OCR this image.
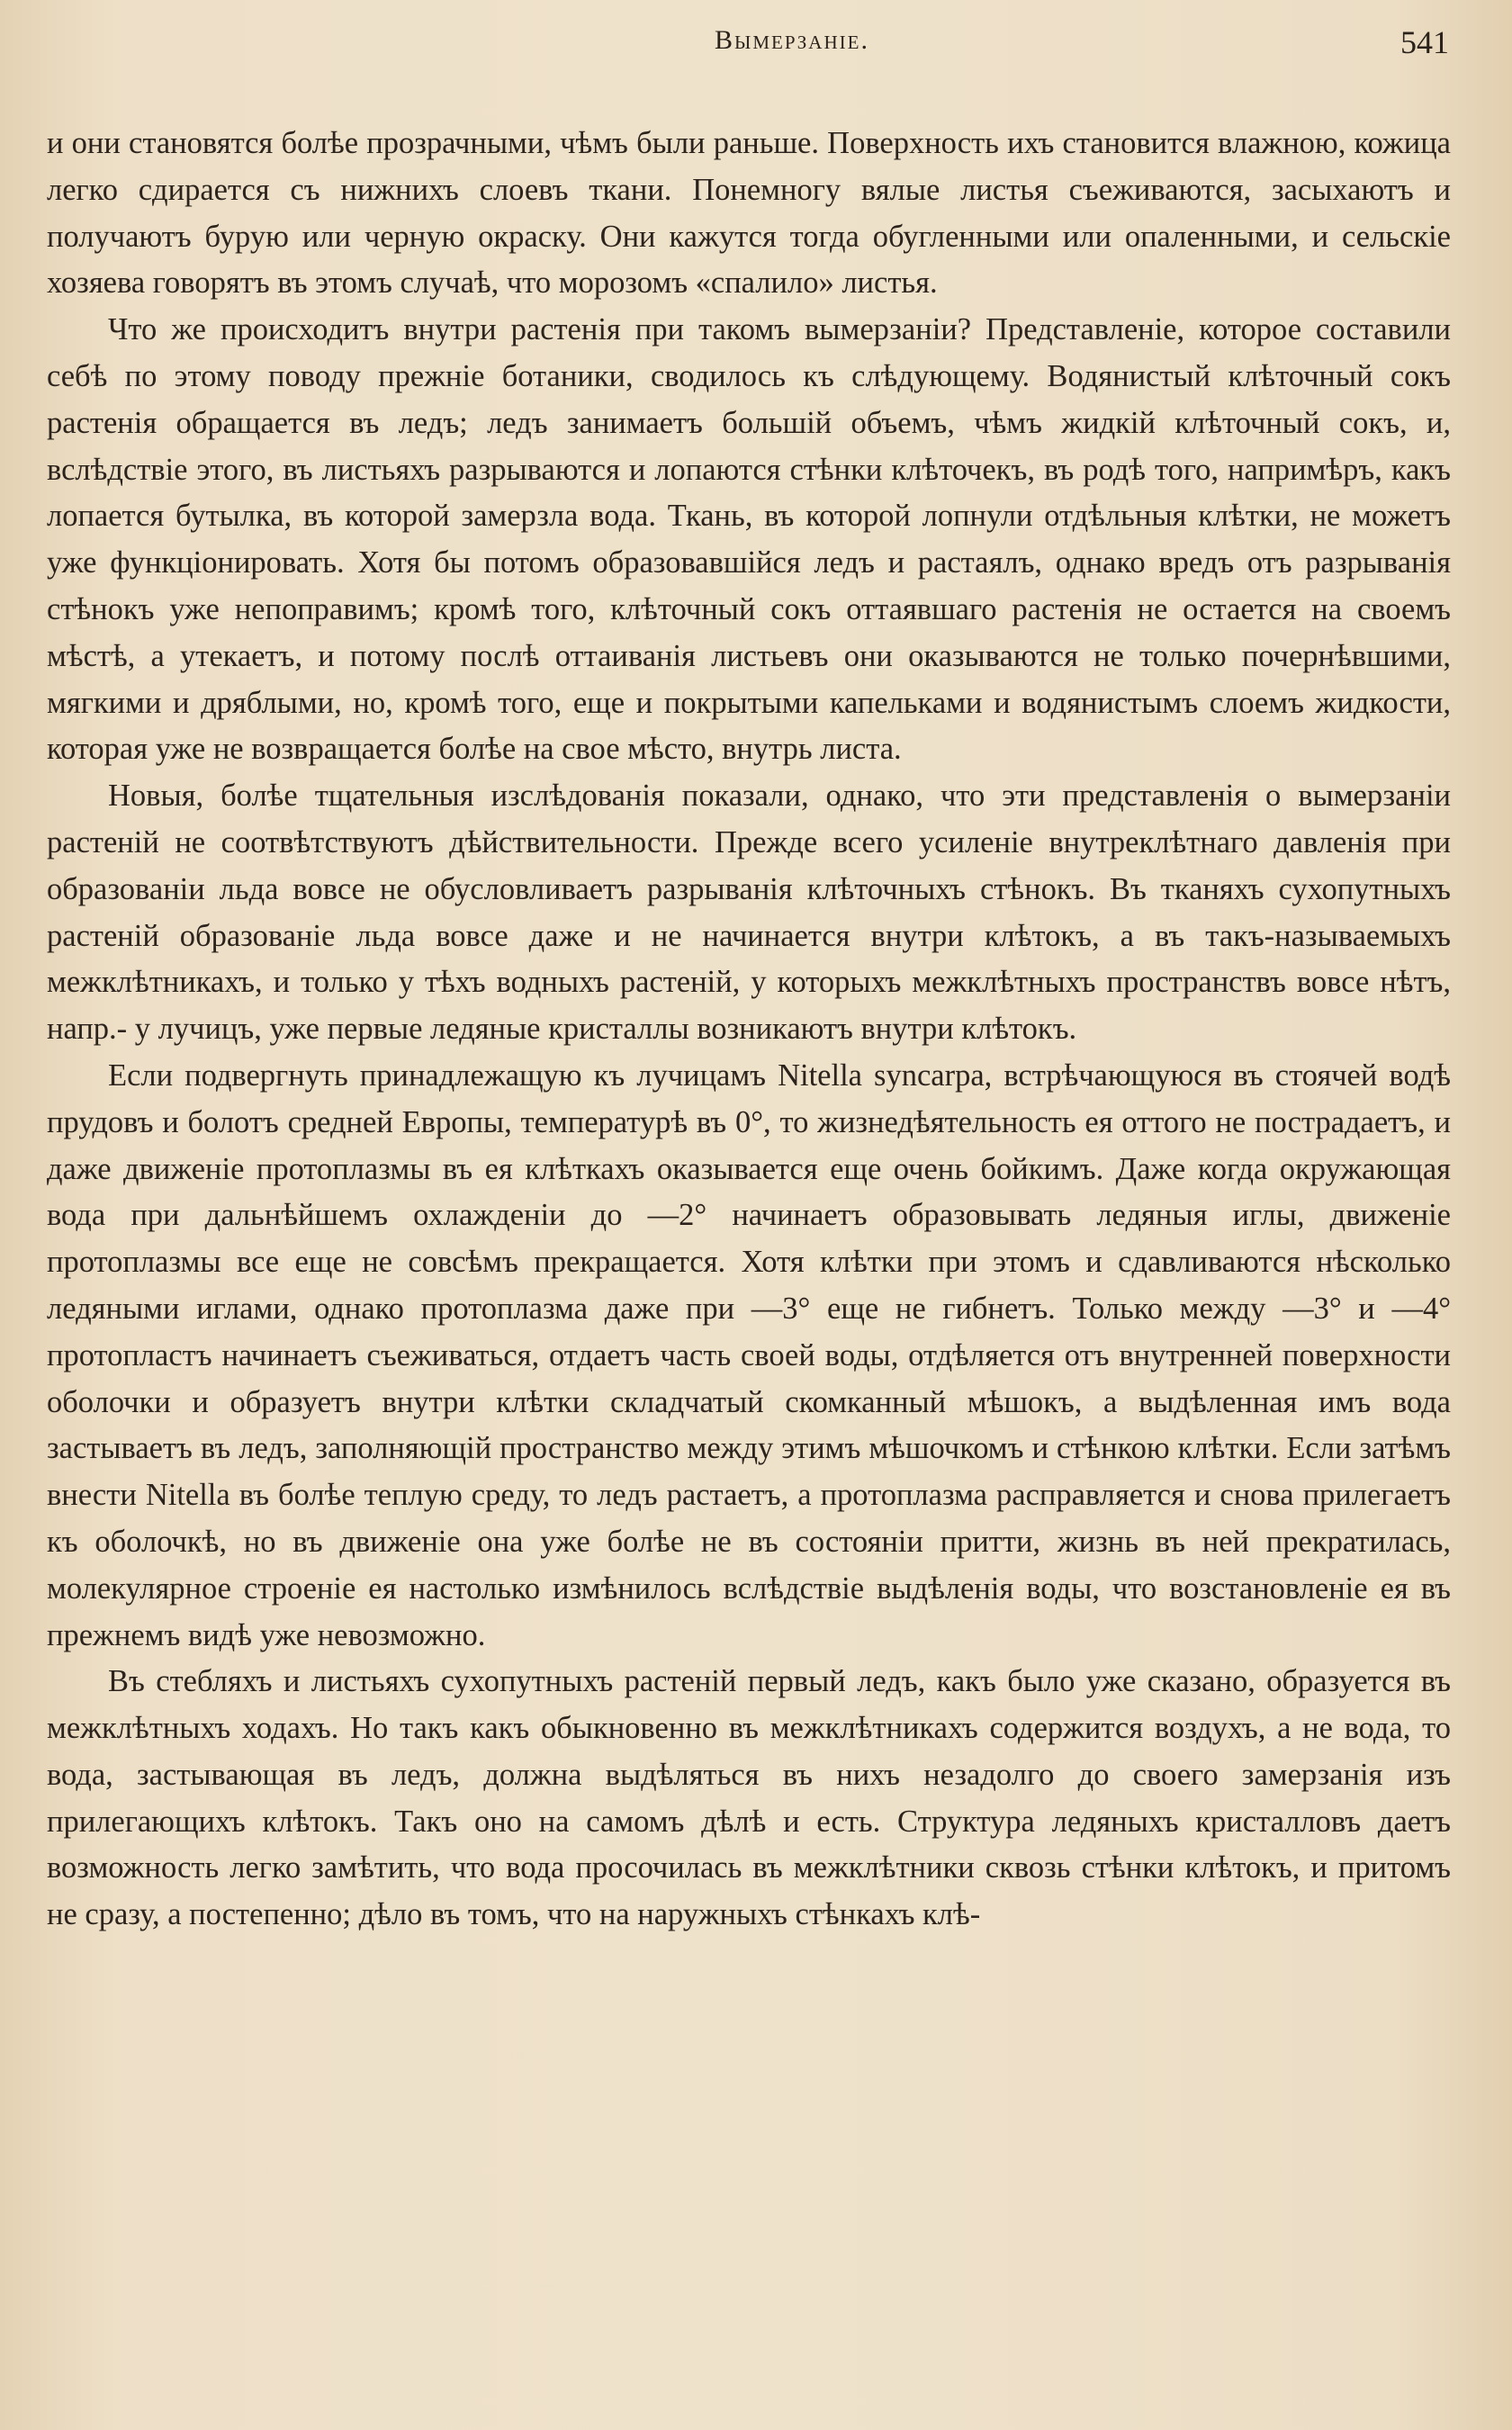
Вымерзаніе.	541

и они становятся болѣе прозрачными, чѣмъ были раньше. Поверхность ихъ становится влажною, кожица легко сдирается съ нижнихъ слоевъ ткани. Понемногу вялые листья съеживаются, засыхаютъ и получаютъ бурую или черную окраску. Они кажутся тогда обугленными или опаленными, и сельскіе хозяева говорятъ въ этомъ случаѣ, что морозомъ «спалило» листья.

Что же происходитъ внутри растенія при такомъ вымерзаніи? Представленіе, которое составили себѣ по этому поводу прежніе ботаники, сводилось къ слѣдующему. Водянистый клѣточный сокъ растенія обращается въ ледъ; ледъ занимаетъ большій объемъ, чѣмъ жидкій клѣточный сокъ, и, вслѣдствіе этого, въ листьяхъ разрываются и лопаются стѣнки клѣточекъ, въ родѣ того, напримѣръ, какъ лопается бутылка, въ которой замерзла вода. Ткань, въ которой лопнули отдѣльныя клѣтки, не можетъ уже функціонировать. Хотя бы потомъ образовавшійся ледъ и растаялъ, однако вредъ отъ разрыванія стѣнокъ уже непоправимъ; кромѣ того, клѣточный сокъ оттаявшаго растенія не остается на своемъ мѣстѣ, а утекаетъ, и потому послѣ оттаиванія листьевъ они оказываются не только почернѣвшими, мягкими и дряблыми, но, кромѣ того, еще и покрытыми капельками и водянистымъ слоемъ жидкости, которая уже не возвращается болѣе на свое мѣсто, внутрь листа.

Новыя, болѣе тщательныя изслѣдованія показали, однако, что эти представленія о вымерзаніи растеній не соотвѣтствуютъ дѣйствительности. Прежде всего усиленіе внутреклѣтнаго давленія при образованіи льда вовсе не обусловливаетъ разрыванія клѣточныхъ стѣнокъ. Въ тканяхъ сухопутныхъ растеній образованіе льда вовсе даже и не начинается внутри клѣтокъ, а въ такъ-называемыхъ межклѣтникахъ, и только у тѣхъ водныхъ растеній, у которыхъ межклѣтныхъ пространствъ вовсе нѣтъ, напр.- у лучицъ, уже первые ледяные кристаллы возникаютъ внутри клѣтокъ.

Если подвергнуть принадлежащую къ лучицамъ Nitella syncarpa, встрѣчающуюся въ стоячей водѣ прудовъ и болотъ средней Европы, температурѣ въ 0°, то жизнедѣятельность ея оттого не пострадаетъ, и даже движеніе протоплазмы въ ея клѣткахъ оказывается еще очень бойкимъ. Даже когда окружающая вода при дальнѣйшемъ охлажденіи до —2° начинаетъ образовывать ледяныя иглы, движеніе протоплазмы все еще не совсѣмъ прекращается. Хотя клѣтки при этомъ и сдавливаются нѣсколько ледяными иглами, однако протоплазма даже при —3° еще не гибнетъ. Только между —3° и —4° протопластъ начинаетъ съеживаться, отдаетъ часть своей воды, отдѣляется отъ внутренней поверхности оболочки и образуетъ внутри клѣтки складчатый скомканный мѣшокъ, а выдѣленная имъ вода застываетъ въ ледъ, заполняющій пространство между этимъ мѣшочкомъ и стѣнкою клѣтки. Если затѣмъ внести Nitella въ болѣе теплую среду, то ледъ растаетъ, а протоплазма расправляется и снова прилегаетъ къ оболочкѣ, но въ движеніе она уже болѣе не въ состояніи притти, жизнь въ ней прекратилась, молекулярное строеніе ея настолько измѣнилось вслѣдствіе выдѣленія воды, что возстановленіе ея въ прежнемъ видѣ уже невозможно.

Въ стебляхъ и листьяхъ сухопутныхъ растеній первый ледъ, какъ было уже сказано, образуется въ межклѣтныхъ ходахъ. Но такъ какъ обыкновенно въ межклѣтникахъ содержится воздухъ, а не вода, то вода, застывающая въ ледъ, должна выдѣляться въ нихъ незадолго до своего замерзанія изъ прилегающихъ клѣтокъ. Такъ оно на самомъ дѣлѣ и есть. Структура ледяныхъ кристалловъ даетъ возможность легко замѣтить, что вода просочилась въ межклѣтники сквозь стѣнки клѣтокъ, и притомъ не сразу, а постепенно; дѣло въ томъ, что на наружныхъ стѣнкахъ клѣ-
